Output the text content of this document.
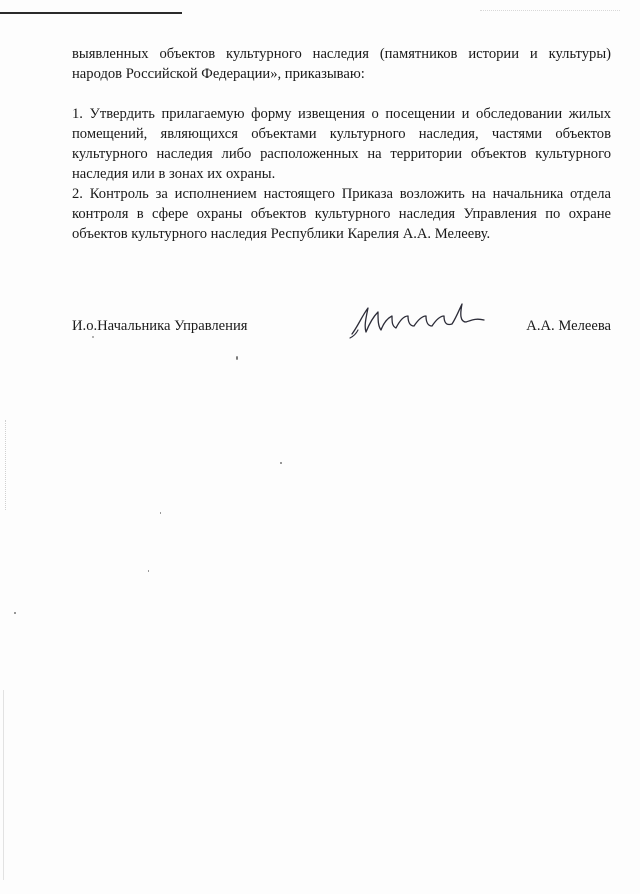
выявленных объектов культурного наследия (памятников истории и культуры) народов Российской Федерации», приказываю:

1. Утвердить прилагаемую форму извещения о посещении и обследовании жилых помещений, являющихся объектами культурного наследия, частями объектов культурного наследия либо расположенных на территории объектов культурного наследия или в зонах их охраны.

2. Контроль за исполнением настоящего Приказа возложить на начальника отдела контроля в сфере охраны объектов культурного наследия Управления по охране объектов культурного наследия Республики Карелия А.А. Мелееву.

И.о.Начальника Управления	А.А. Мелеева
